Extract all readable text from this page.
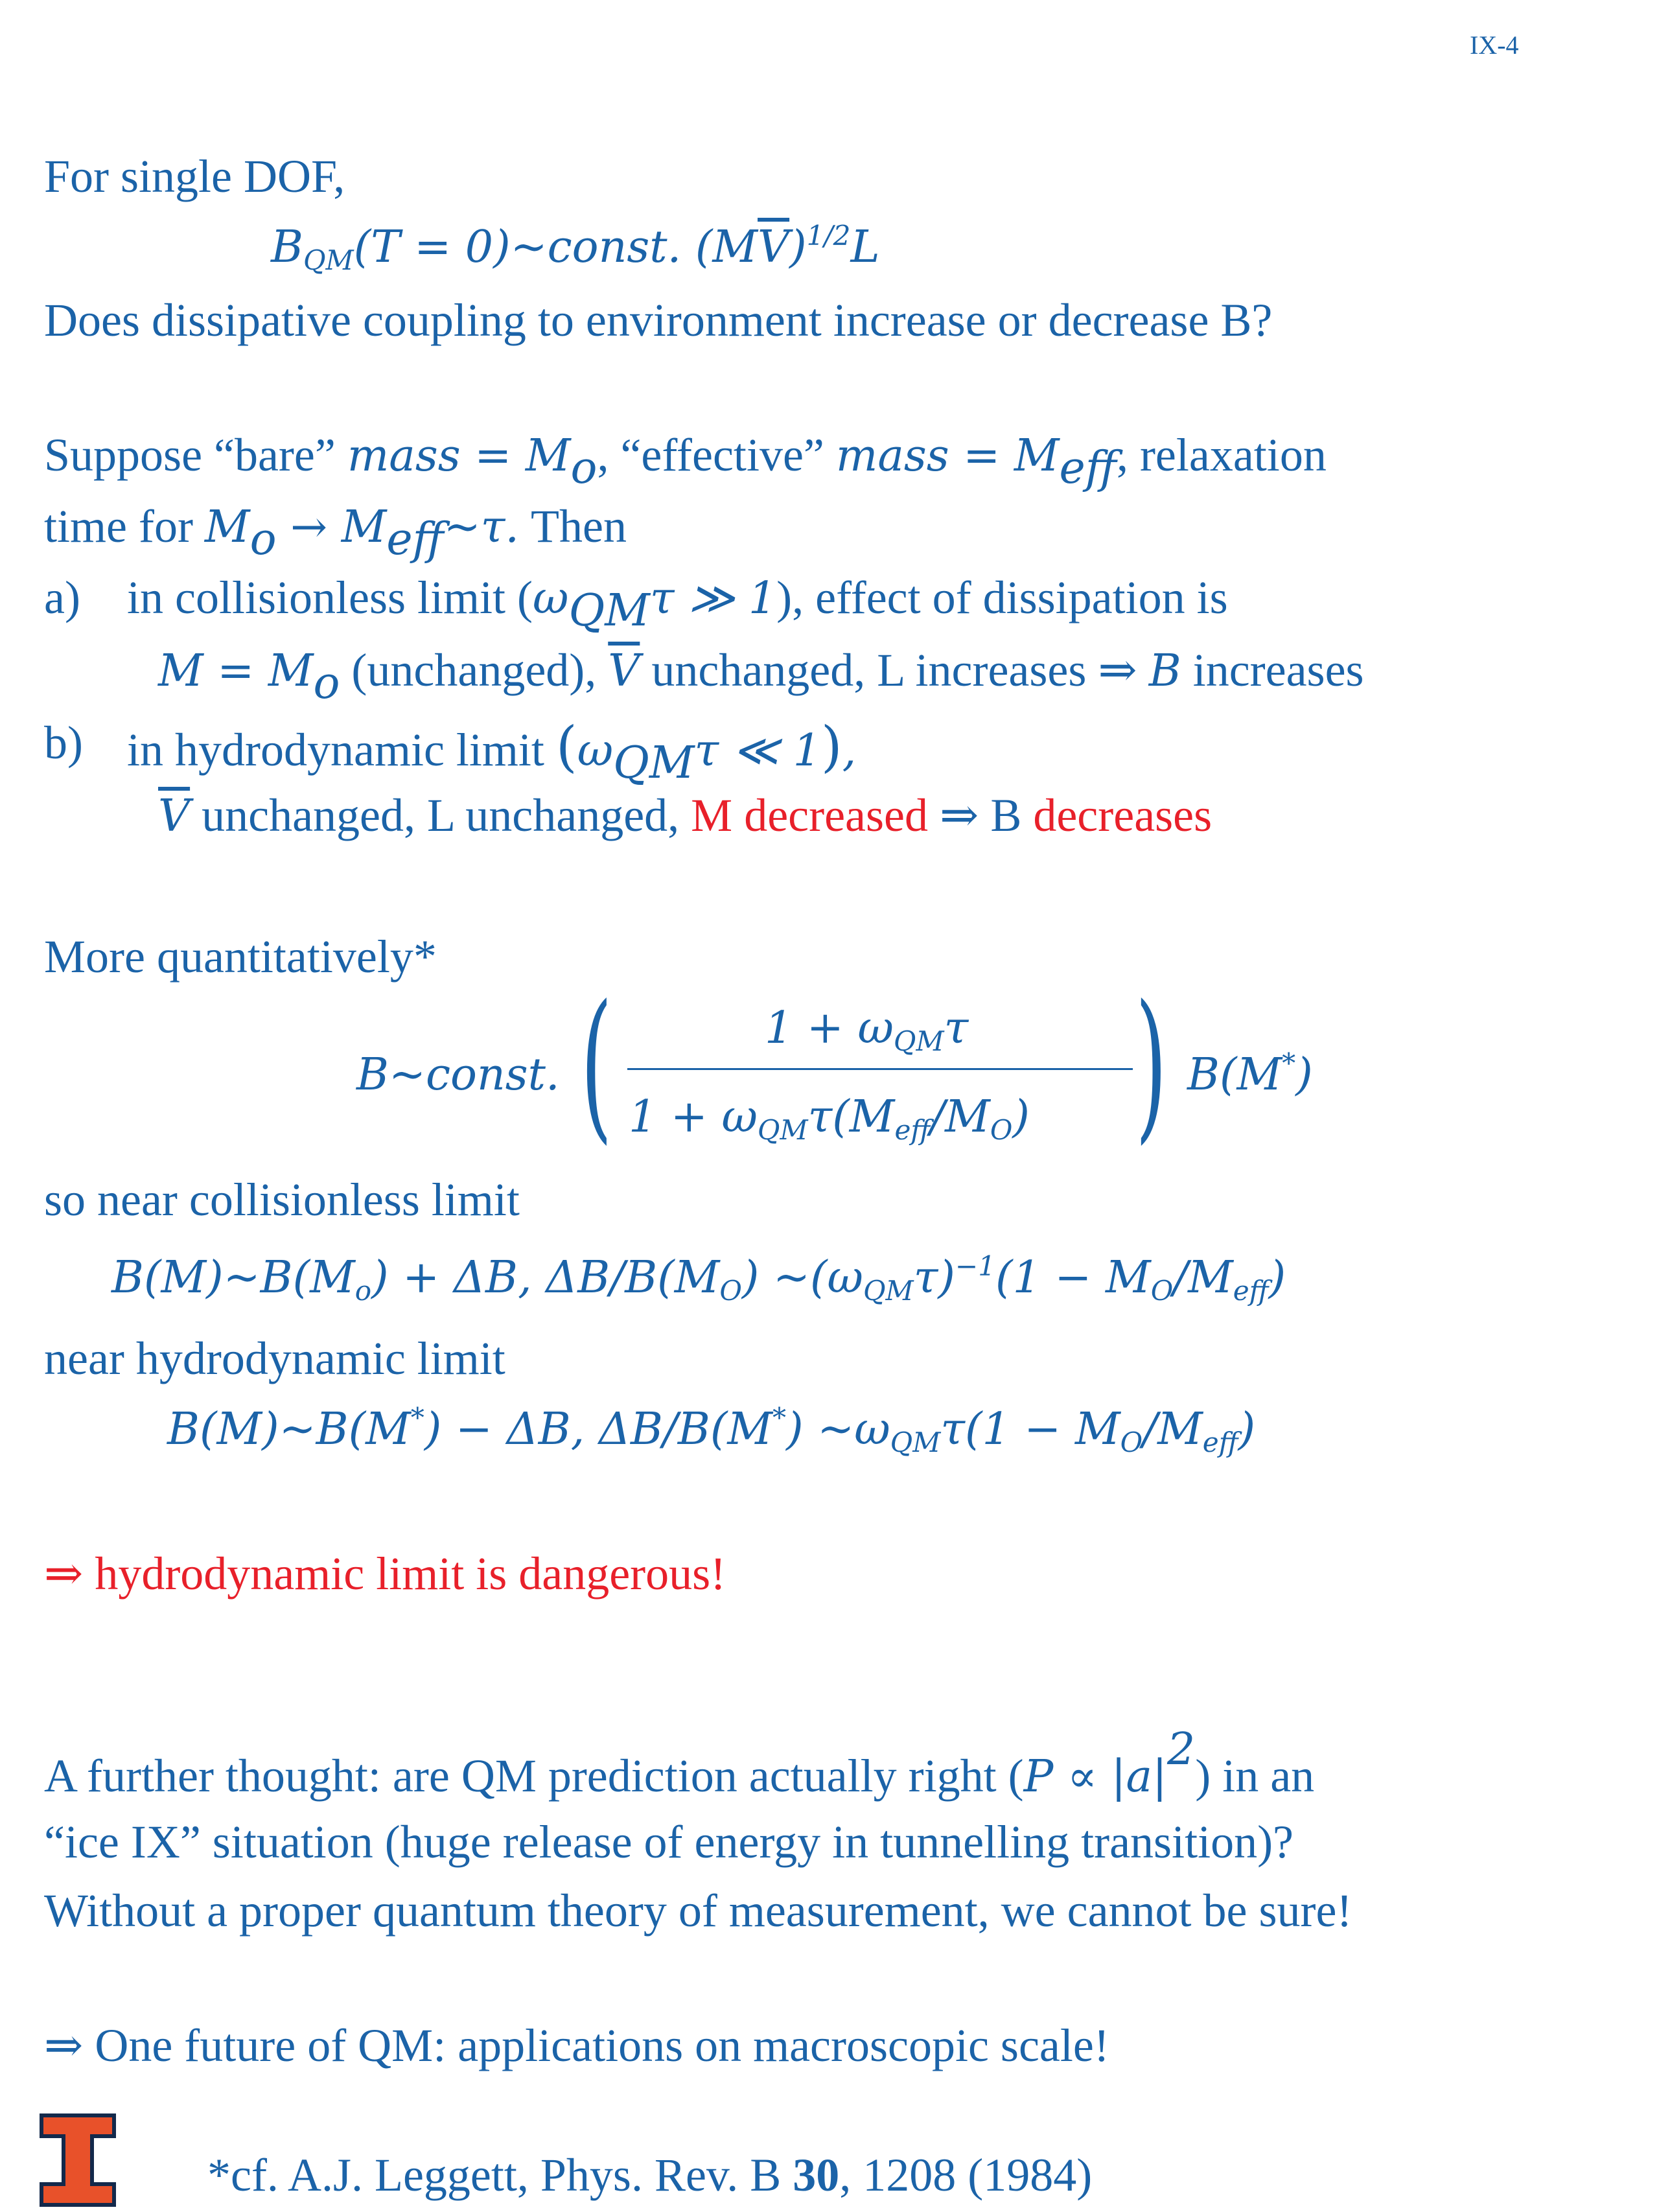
IX-4
For single DOF,
$B_{QM}(T$ = 0)~const. $(M\overline{V})^{1/2}L$
Does dissipative coupling to environment increase or decrease B?
Suppose “bare” mass = $M_o$, “effective” mass = $M_{eff}$, relaxation
time for $M_o$ → $M_{eff}\sim\tau$. Then
a) in collisionless limit ($\omega_{QM}\tau$ ≫ 1), effect of dissipation is
$M = M_o$ (unchanged), $\overline{V}$ unchanged, L increases ⇒ B increases
b) in hydrodynamic limit ($\omega_{QM}\tau$ ≪ 1),
$\overline{V}$ unchanged, L unchanged, M decreased ⇒ B decreases
More quantitatively*
B~const. (	$1 + \omega_{QM}\tau$
$1 + \omega_{QM}\tau(M_{eff}/M_O)$ ) B(M*)
so near collisionless limit
$B(M)\sim B(M_o) + \Delta B$, $\Delta B/B(M_O)$ $\sim(\omega_{QM}\tau)^{-1}(1 - M_O/M_{eff})$
near hydrodynamic limit
B(M)~B(M*) − ΔB, ΔB/B(M*) $\sim\omega_{QM}\tau(1 - M_O/M_{eff})$
⇒ hydrodynamic limit is dangerous!
A further thought: are QM prediction actually right $(P \propto |a|^2)$ in an
“ice IX” situation (huge release of energy in tunnelling transition)?
Without a proper quantum theory of measurement, we cannot be sure!
⇒ One future of QM: applications on macroscopic scale!
*cf. A.J. Leggett, Phys. Rev. B 30, 1208 (1984)
